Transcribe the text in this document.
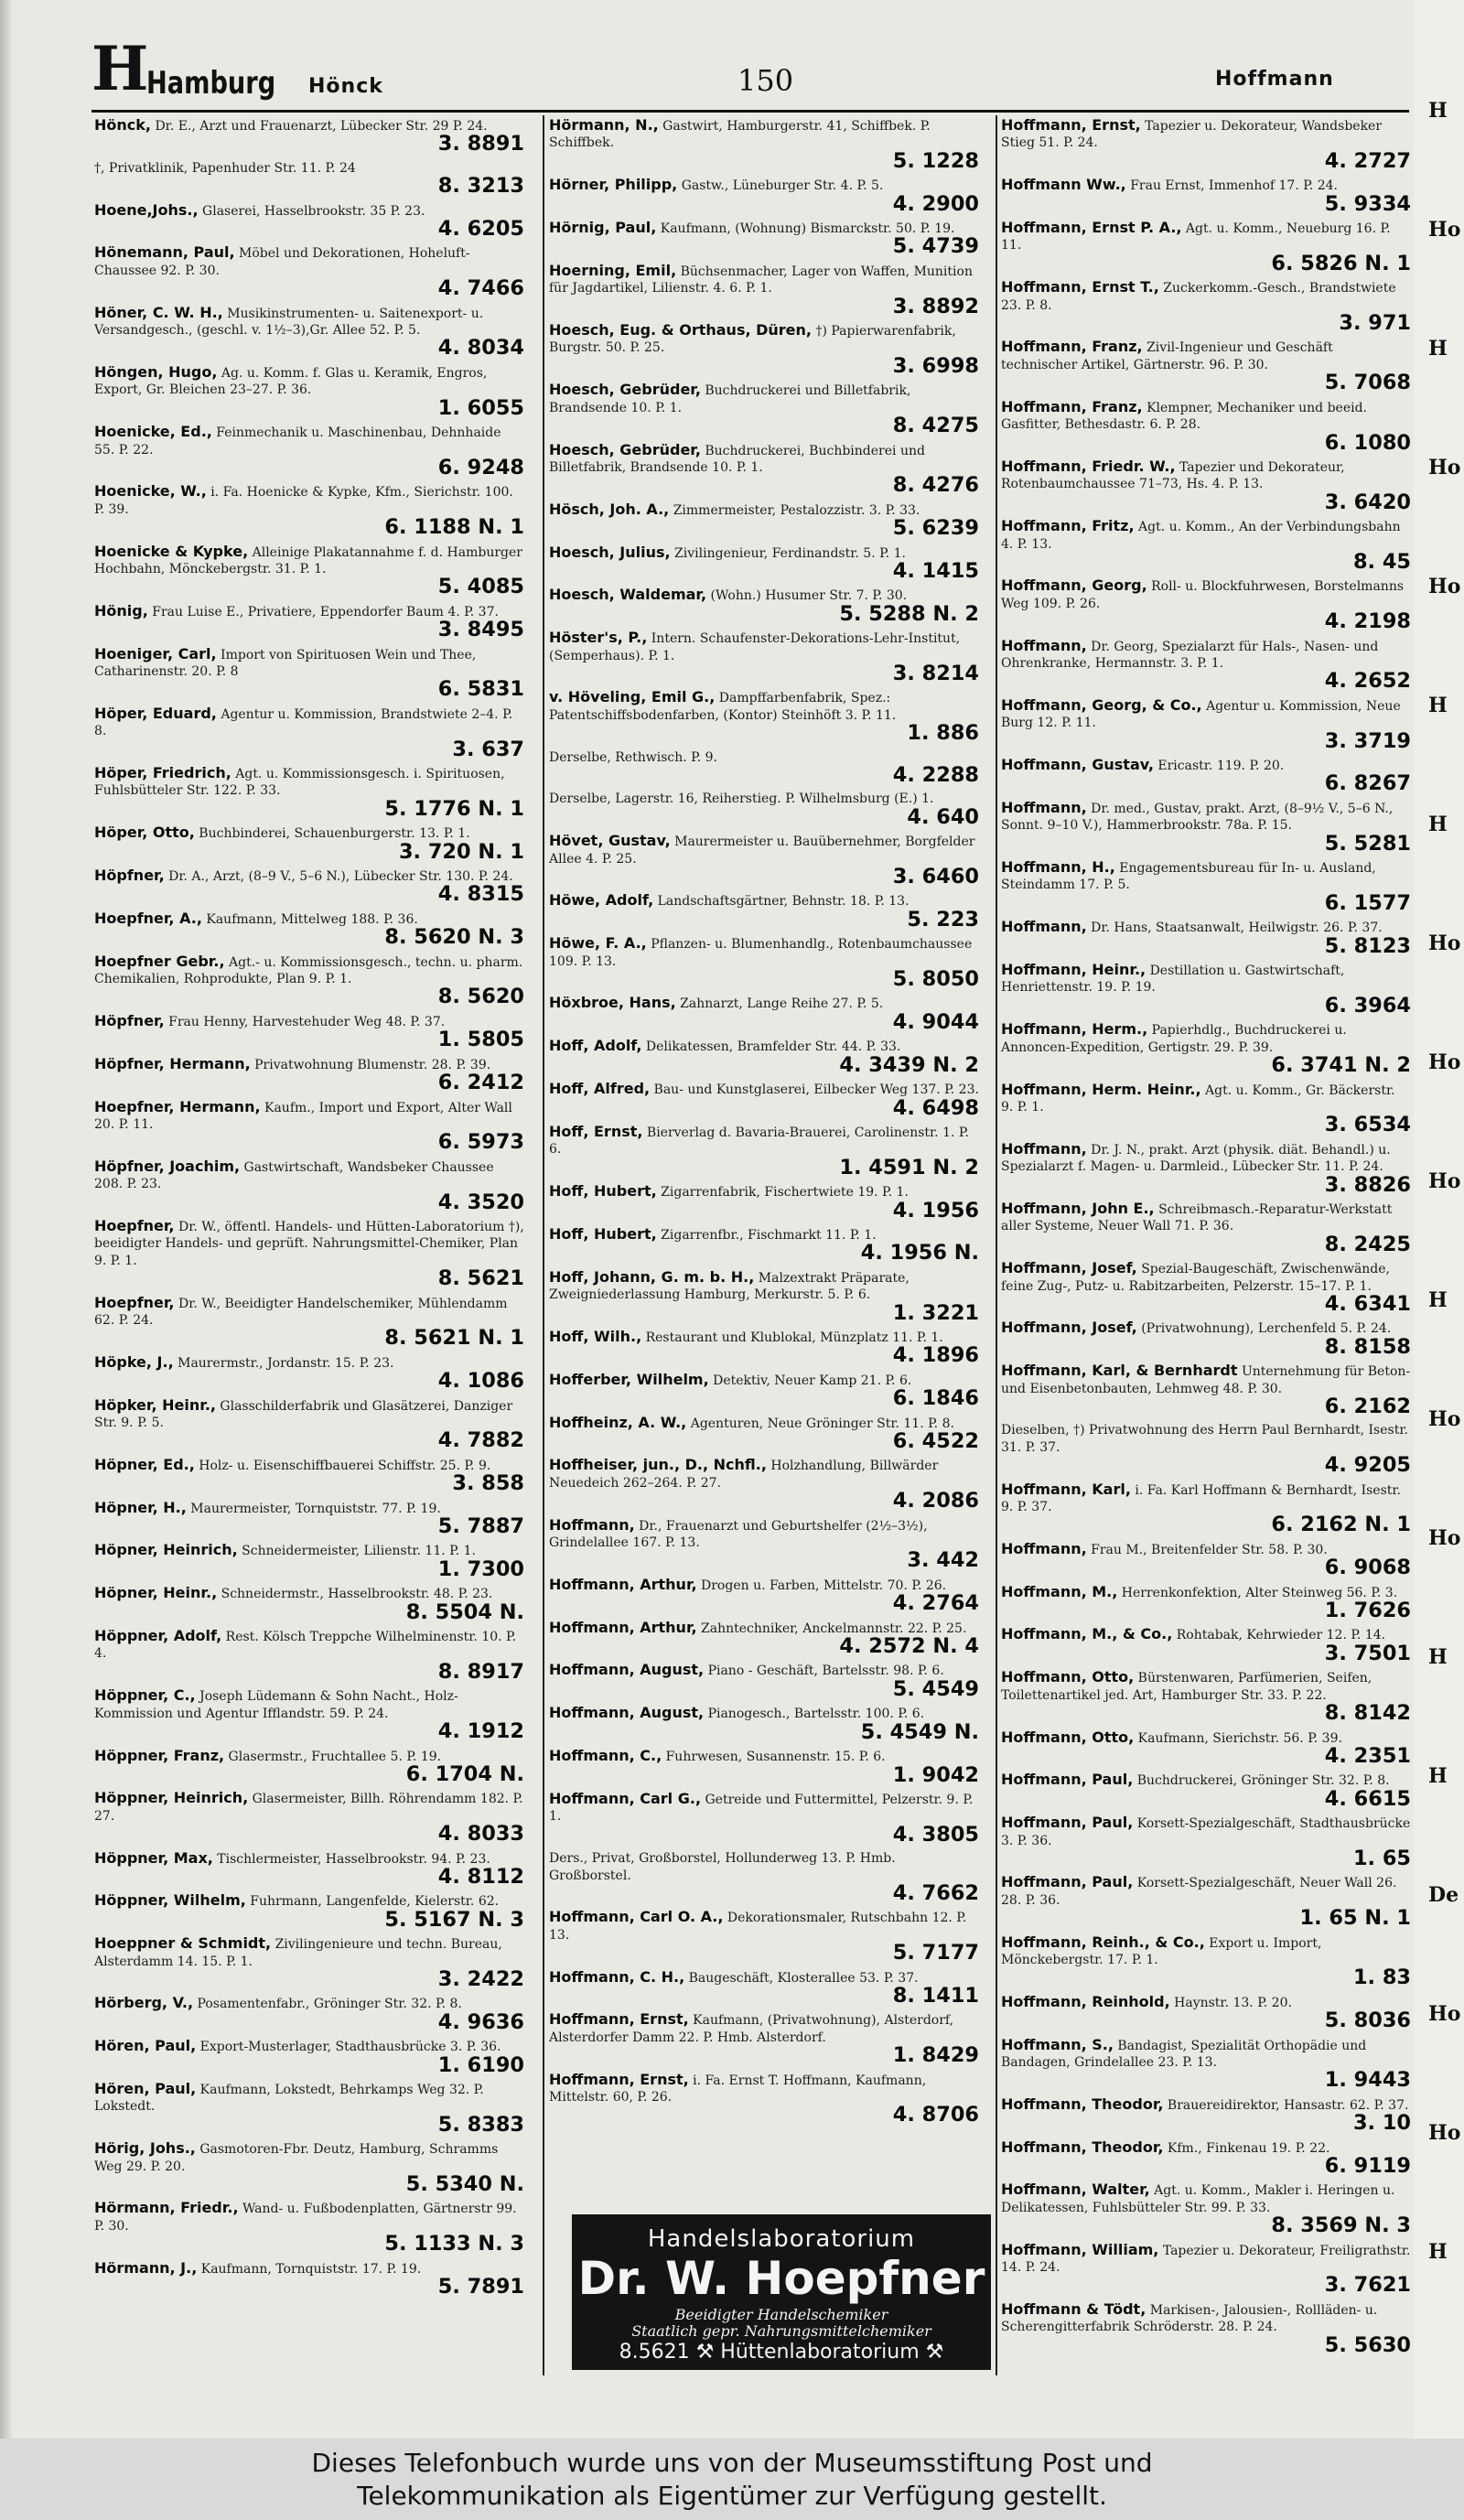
H
Hamburg Hönck	150	Hoffmann
Hönck, Dr. E., Arzt und Frauenarzt, Lübecker Str. 29 P. 24.
3. 8891
†, Privatklinik, Papenhuder Str. 11. P. 24
8. 3213
Hoene,Johs., Glaserei, Hasselbrookstr. 35 P. 23.
4. 6205
Hönemann, Paul, Möbel und Dekorationen, Hoheluft-Chaussee 92. P. 30.
4. 7466
Höner, C. W. H., Musikinstrumenten- u. Saitenexport- u. Versandgesch., (geschl. v. 1½–3),Gr. Allee 52. P. 5.
4. 8034
Höngen, Hugo, Ag. u. Komm. f. Glas u. Keramik, Engros, Export, Gr. Bleichen 23–27. P. 36.
1. 6055
Hoenicke, Ed., Feinmechanik u. Maschinenbau, Dehnhaide 55. P. 22.
6. 9248
Hoenicke, W., i. Fa. Hoenicke & Kypke, Kfm., Sierichstr. 100. P. 39.
6. 1188 N. 1
Hoenicke & Kypke, Alleinige Plakatannahme f. d. Hamburger Hochbahn, Mönckebergstr. 31. P. 1.
5. 4085
Hönig, Frau Luise E., Privatiere, Eppendorfer Baum 4. P. 37.
3. 8495
Hoeniger, Carl, Import von Spirituosen Wein und Thee, Catharinenstr. 20. P. 8
6. 5831
Höper, Eduard, Agentur u. Kommission, Brandstwiete 2–4. P. 8.
3. 637
Höper, Friedrich, Agt. u. Kommissionsgesch. i. Spirituosen, Fuhlsbütteler Str. 122. P. 33.
5. 1776 N. 1
Höper, Otto, Buchbinderei, Schauenburgerstr. 13. P. 1.
3. 720 N. 1
Höpfner, Dr. A., Arzt, (8–9 V., 5–6 N.), Lübecker Str. 130. P. 24.
4. 8315
Hoepfner, A., Kaufmann, Mittelweg 188. P. 36.
8. 5620 N. 3
Hoepfner Gebr., Agt.- u. Kommissionsgesch., techn. u. pharm. Chemikalien, Rohprodukte, Plan 9. P. 1.
8. 5620
Höpfner, Frau Henny, Harvestehuder Weg 48. P. 37.
1. 5805
Höpfner, Hermann, Privatwohnung Blumenstr. 28. P. 39.
6. 2412
Hoepfner, Hermann, Kaufm., Import und Export, Alter Wall 20. P. 11.
6. 5973
Höpfner, Joachim, Gastwirtschaft, Wandsbeker Chaussee 208. P. 23.
4. 3520
Hoepfner, Dr. W., öffentl. Handels- und Hütten-Laboratorium †), beeidigter Handels- und geprüft. Nahrungsmittel-Chemiker, Plan 9. P. 1.
8. 5621
Hoepfner, Dr. W., Beeidigter Handelschemiker, Mühlendamm 62. P. 24.
8. 5621 N. 1
Höpke, J., Maurermstr., Jordanstr. 15. P. 23.
4. 1086
Höpker, Heinr., Glasschilderfabrik und Glasätzerei, Danziger Str. 9. P. 5.
4. 7882
Höpner, Ed., Holz- u. Eisenschiffbauerei Schiffstr. 25. P. 9.
3. 858
Höpner, H., Maurermeister, Tornquiststr. 77. P. 19.
5. 7887
Höpner, Heinrich, Schneidermeister, Lilienstr. 11. P. 1.
1. 7300
Höpner, Heinr., Schneidermstr., Hasselbrookstr. 48. P. 23.
8. 5504 N.
Höppner, Adolf, Rest. Kölsch Treppche Wilhelminenstr. 10. P. 4.
8. 8917
Höppner, C., Joseph Lüdemann & Sohn Nacht., Holz- Kommission und Agentur Ifflandstr. 59. P. 24.
4. 1912
Höppner, Franz, Glasermstr., Fruchtallee 5. P. 19.
6. 1704 N.
Höppner, Heinrich, Glasermeister, Billh. Röhrendamm 182. P. 27.
4. 8033
Höppner, Max, Tischlermeister, Hasselbrookstr. 94. P. 23.
4. 8112
Höppner, Wilhelm, Fuhrmann, Langenfelde, Kielerstr. 62.
5. 5167 N. 3
Hoeppner & Schmidt, Zivilingenieure und techn. Bureau, Alsterdamm 14. 15. P. 1.
3. 2422
Hörberg, V., Posamentenfabr., Gröninger Str. 32. P. 8.
4. 9636
Hören, Paul, Export-Musterlager, Stadthausbrücke 3. P. 36.
1. 6190
Hören, Paul, Kaufmann, Lokstedt, Behrkamps Weg 32. P. Lokstedt.
5. 8383
Hörig, Johs., Gasmotoren-Fbr. Deutz, Hamburg, Schramms Weg 29. P. 20.
5. 5340 N.
Hörmann, Friedr., Wand- u. Fußbodenplatten, Gärtnerstr 99. P. 30.
5. 1133 N. 3
Hörmann, J., Kaufmann, Tornquiststr. 17. P. 19.
5. 7891
Hörmann, N., Gastwirt, Hamburgerstr. 41, Schiffbek. P. Schiffbek.
5. 1228
Hörner, Philipp, Gastw., Lüneburger Str. 4. P. 5.
4. 2900
Hörnig, Paul, Kaufmann, (Wohnung) Bismarckstr. 50. P. 19.
5. 4739
Hoerning, Emil, Büchsenmacher, Lager von Waffen, Munition für Jagdartikel, Lilienstr. 4. 6. P. 1.
3. 8892
Hoesch, Eug. & Orthaus, Düren, †) Papierwarenfabrik, Burgstr. 50. P. 25.
3. 6998
Hoesch, Gebrüder, Buchdruckerei und Billetfabrik, Brandsende 10. P. 1.
8. 4275
Hoesch, Gebrüder, Buchdruckerei, Buchbinderei und Billetfabrik, Brandsende 10. P. 1.
8. 4276
Hösch, Joh. A., Zimmermeister, Pestalozzistr. 3. P. 33.
5. 6239
Hoesch, Julius, Zivilingenieur, Ferdinandstr. 5. P. 1.
4. 1415
Hoesch, Waldemar, (Wohn.) Husumer Str. 7. P. 30.
5. 5288 N. 2
Höster's, P., Intern. Schaufenster-Dekorations-Lehr-Institut, (Semperhaus). P. 1.
3. 8214
v. Höveling, Emil G., Dampffarbenfabrik, Spez.: Patentschiffsbodenfarben, (Kontor) Steinhöft 3. P. 11.
1. 886
Derselbe, Rethwisch. P. 9.
4. 2288
Derselbe, Lagerstr. 16, Reiherstieg. P. Wilhelmsburg (E.) 1.
4. 640
Hövet, Gustav, Maurermeister u. Bauübernehmer, Borgfelder Allee 4. P. 25.
3. 6460
Höwe, Adolf, Landschaftsgärtner, Behnstr. 18. P. 13.
5. 223
Höwe, F. A., Pflanzen- u. Blumenhandlg., Rotenbaumchaussee 109. P. 13.
5. 8050
Höxbroe, Hans, Zahnarzt, Lange Reihe 27. P. 5.
4. 9044
Hoff, Adolf, Delikatessen, Bramfelder Str. 44. P. 33.
4. 3439 N. 2
Hoff, Alfred, Bau- und Kunstglaserei, Eilbecker Weg 137. P. 23.
4. 6498
Hoff, Ernst, Bierverlag d. Bavaria-Brauerei, Carolinenstr. 1. P. 6.
1. 4591 N. 2
Hoff, Hubert, Zigarrenfabrik, Fischertwiete 19. P. 1.
4. 1956
Hoff, Hubert, Zigarrenfbr., Fischmarkt 11. P. 1.
4. 1956 N.
Hoff, Johann, G. m. b. H., Malzextrakt Präparate, Zweigniederlassung Hamburg, Merkurstr. 5. P. 6.
1. 3221
Hoff, Wilh., Restaurant und Klublokal, Münzplatz 11. P. 1.
4. 1896
Hofferber, Wilhelm, Detektiv, Neuer Kamp 21. P. 6.
6. 1846
Hoffheinz, A. W., Agenturen, Neue Gröninger Str. 11. P. 8.
6. 4522
Hoffheiser, jun., D., Nchfl., Holzhandlung, Billwärder Neuedeich 262–264. P. 27.
4. 2086
Hoffmann, Dr., Frauenarzt und Geburtshelfer (2½–3½), Grindelallee 167. P. 13.
3. 442
Hoffmann, Arthur, Drogen u. Farben, Mittelstr. 70. P. 26.
4. 2764
Hoffmann, Arthur, Zahntechniker, Anckelmannstr. 22. P. 25.
4. 2572 N. 4
Hoffmann, August, Piano - Geschäft, Bartelsstr. 98. P. 6.
5. 4549
Hoffmann, August, Pianogesch., Bartelsstr. 100. P. 6.
5. 4549 N.
Hoffmann, C., Fuhrwesen, Susannenstr. 15. P. 6.
1. 9042
Hoffmann, Carl G., Getreide und Futtermittel, Pelzerstr. 9. P. 1.
4. 3805
Ders., Privat, Großborstel, Hollunderweg 13. P. Hmb. Großborstel.
4. 7662
Hoffmann, Carl O. A., Dekorationsmaler, Rutschbahn 12. P. 13.
5. 7177
Hoffmann, C. H., Baugeschäft, Klosterallee 53. P. 37.
8. 1411
Hoffmann, Ernst, Kaufmann, (Privatwohnung), Alsterdorf, Alsterdorfer Damm 22. P. Hmb. Alsterdorf.
1. 8429
Hoffmann, Ernst, i. Fa. Ernst T. Hoffmann, Kaufmann, Mittelstr. 60, P. 26.
4. 8706
Hoffmann, Ernst, Tapezier u. Dekorateur, Wandsbeker Stieg 51. P. 24.
4. 2727
Hoffmann Ww., Frau Ernst, Immenhof 17. P. 24.
5. 9334
Hoffmann, Ernst P. A., Agt. u. Komm., Neueburg 16. P. 11.
6. 5826 N. 1
Hoffmann, Ernst T., Zuckerkomm.-Gesch., Brandstwiete 23. P. 8.
3. 971
Hoffmann, Franz, Zivil-Ingenieur und Geschäft technischer Artikel, Gärtnerstr. 96. P. 30.
5. 7068
Hoffmann, Franz, Klempner, Mechaniker und beeid. Gasfitter, Bethesdastr. 6. P. 28.
6. 1080
Hoffmann, Friedr. W., Tapezier und Dekorateur, Rotenbaumchaussee 71–73, Hs. 4. P. 13.
3. 6420
Hoffmann, Fritz, Agt. u. Komm., An der Verbindungsbahn 4. P. 13.
8. 45
Hoffmann, Georg, Roll- u. Blockfuhrwesen, Borstelmanns Weg 109. P. 26.
4. 2198
Hoffmann, Dr. Georg, Spezialarzt für Hals-, Nasen- und Ohrenkranke, Hermannstr. 3. P. 1.
4. 2652
Hoffmann, Georg, & Co., Agentur u. Kommission, Neue Burg 12. P. 11.
3. 3719
Hoffmann, Gustav, Ericastr. 119. P. 20.
6. 8267
Hoffmann, Dr. med., Gustav, prakt. Arzt, (8–9½ V., 5–6 N., Sonnt. 9–10 V.), Hammerbrookstr. 78a. P. 15.
5. 5281
Hoffmann, H., Engagementsbureau für In- u. Ausland, Steindamm 17. P. 5.
6. 1577
Hoffmann, Dr. Hans, Staatsanwalt, Heilwigstr. 26. P. 37.
5. 8123
Hoffmann, Heinr., Destillation u. Gastwirtschaft, Henriettenstr. 19. P. 19.
6. 3964
Hoffmann, Herm., Papierhdlg., Buchdruckerei u. Annoncen-Expedition, Gertigstr. 29. P. 39.
6. 3741 N. 2
Hoffmann, Herm. Heinr., Agt. u. Komm., Gr. Bäckerstr. 9. P. 1.
3. 6534
Hoffmann, Dr. J. N., prakt. Arzt (physik. diät. Behandl.) u. Spezialarzt f. Magen- u. Darmleid., Lübecker Str. 11. P. 24.
3. 8826
Hoffmann, John E., Schreibmasch.-Reparatur-Werkstatt aller Systeme, Neuer Wall 71. P. 36.
8. 2425
Hoffmann, Josef, Spezial-Baugeschäft, Zwischenwände, feine Zug-, Putz- u. Rabitzarbeiten, Pelzerstr. 15–17. P. 1.
4. 6341
Hoffmann, Josef, (Privatwohnung), Lerchenfeld 5. P. 24.
8. 8158
Hoffmann, Karl, & Bernhardt Unternehmung für Beton- und Eisenbetonbauten, Lehmweg 48. P. 30.
6. 2162
Dieselben, †) Privatwohnung des Herrn Paul Bernhardt, Isestr. 31. P. 37.
4. 9205
Hoffmann, Karl, i. Fa. Karl Hoffmann & Bernhardt, Isestr. 9. P. 37.
6. 2162 N. 1
Hoffmann, Frau M., Breitenfelder Str. 58. P. 30.
6. 9068
Hoffmann, M., Herrenkonfektion, Alter Steinweg 56. P. 3.
1. 7626
Hoffmann, M., & Co., Rohtabak, Kehrwieder 12. P. 14.
3. 7501
Hoffmann, Otto, Bürstenwaren, Parfümerien, Seifen, Toilettenartikel jed. Art, Hamburger Str. 33. P. 22.
8. 8142
Hoffmann, Otto, Kaufmann, Sierichstr. 56. P. 39.
4. 2351
Hoffmann, Paul, Buchdruckerei, Gröninger Str. 32. P. 8.
4. 6615
Hoffmann, Paul, Korsett-Spezialgeschäft, Stadthausbrücke 3. P. 36.
1. 65
Hoffmann, Paul, Korsett-Spezialgeschäft, Neuer Wall 26. 28. P. 36.
1. 65 N. 1
Hoffmann, Reinh., & Co., Export u. Import, Mönckebergstr. 17. P. 1.
1. 83
Hoffmann, Reinhold, Haynstr. 13. P. 20.
5. 8036
Hoffmann, S., Bandagist, Spezialität Orthopädie und Bandagen, Grindelallee 23. P. 13.
1. 9443
Hoffmann, Theodor, Brauereidirektor, Hansastr. 62. P. 37.
3. 10
Hoffmann, Theodor, Kfm., Finkenau 19. P. 22.
6. 9119
Hoffmann, Walter, Agt. u. Komm., Makler i. Heringen u. Delikatessen, Fuhlsbütteler Str. 99. P. 33.
8. 3569 N. 3
Hoffmann, William, Tapezier u. Dekorateur, Freiligrathstr. 14. P. 24.
3. 7621
Hoffmann & Tödt, Markisen-, Jalousien-, Rollläden- u. Scherengitterfabrik Schröderstr. 28. P. 24.
5. 5630
Handelslaboratorium
Dr. W. Hoepfner
Beeidigter Handelschemiker
Staatlich gepr. Nahrungsmittelchemiker
8.5621 ⚒ Hüttenlaboratorium ⚒
H
Ho
H
Ho
Ho
H
H
Ho
Ho
Ho
H
Ho
Ho
H
H
De
Ho
Ho
H
Dieses Telefonbuch wurde uns von der Museumsstiftung Post und
Telekommunikation als Eigentümer zur Verfügung gestellt.
